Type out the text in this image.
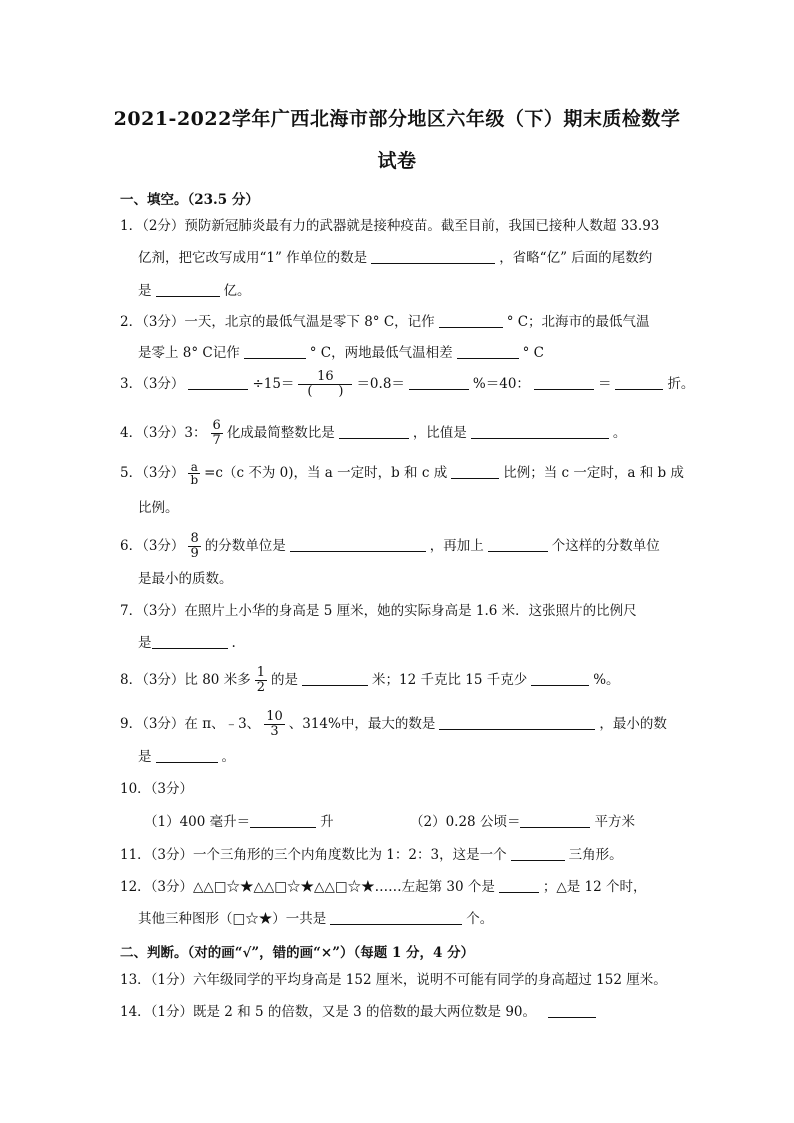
2021-2022学年广西北海市部分地区六年级（下）期末质检数学
试卷
一、填空。（23.5 分）
1．（2分）预防新冠肺炎最有力的武器就是接种疫苗。截至目前，我国已接种人数超 33.93
亿剂，把它改写成用“1” 作单位的数是	，省略“亿” 后面的尾数约
是	亿。
2．（3分）一天，北京的最低气温是零下 8° C，记作	° C；北海市的最低气温
是零上 8° C记作	° C，两地最低气温相差	° C
3．（3分）	$\div 15= \frac{16}{( )} =0.8=$	%＝40：	＝	折。
4．（3分）3： $\frac{6}{7}$ 化成最简整数比是	，比值是	。
5．（3分） $\frac{a}{b} =c(c$ 不为 0)，当 a 一定时，b 和 c 成	比例；当 c 一定时，a 和 b 成
比例。
6．（3分） $\frac{8}{9}$ 的分数单位是	，再加上	个这样的分数单位
是最小的质数。
7．（3分）在照片上小华的身高是 5 厘米，她的实际身高是 1.6 米．这张照片的比例尺
是	.
8．（3分）比 80 米多 $\frac{1}{2}$ 的是	米；12 千克比 15 千克少	%。
9．（3分）在 π、﹣3、 $\frac{10}{3}$ 、314%中，最大的数是	，最小的数
是	。
10．（3分）
（1）400 毫升＝	升	（2）0.28 公顷＝	平方米
11．（3分）一个三角形的三个内角度数比为 1：2：3，这是一个	三角形。
12．（3分）△△□☆★△△□☆★△△□☆★……左起第 30 个是	；△是 12 个时，
其他三种图形（□☆★）一共是	个。
二、判断。（对的画“√”，错的画“×”）（每题 1 分，4 分）
13．（1分）六年级同学的平均身高是 152 厘米，说明不可能有同学的身高超过 152 厘米。
14．（1分）既是 2 和 5 的倍数，又是 3 的倍数的最大两位数是 90。
